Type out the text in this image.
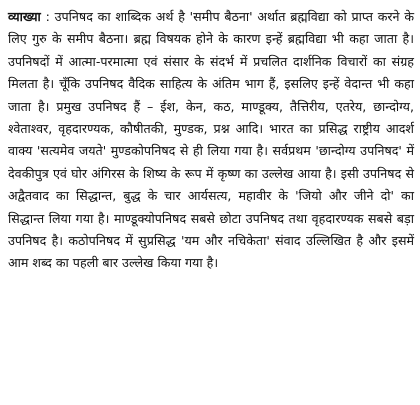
व्याख्या : उपनिषद का शाब्दिक अर्थ है 'समीप बैठना' अर्थात ब्रह्मविद्या को प्राप्त करने के लिए गुरु के समीप बैठना। ब्रह्म विषयक होने के कारण इन्हें ब्रह्मविद्या भी कहा जाता है। उपनिषदों में आत्मा-परमात्मा एवं संसार के संदर्भ में प्रचलित दार्शनिक विचारों का संग्रह मिलता है। चूँकि उपनिषद वैदिक साहित्य के अंतिम भाग हैं, इसलिए इन्हें वेदान्त भी कहा जाता है। प्रमुख उपनिषद हैं – ईश, केन, कठ, माण्डूक्य, तैत्तिरीय, एतरेय, छान्दोग्य, श्वेताश्वर, वृहदारण्यक, कौषीतकी, मुण्डक, प्रश्न आदि। भारत का प्रसिद्ध राष्ट्रीय आदर्श वाक्य 'सत्यमेव जयते' मुण्डकोपनिषद से ही लिया गया है। सर्वप्रथम 'छान्दोग्य उपनिषद' में देवकीपुत्र एवं घोर अंगिरस के शिष्य के रूप में कृष्ण का उल्लेख आया है। इसी उपनिषद से अद्वैतवाद का सिद्धान्त, बुद्ध के चार आर्यसत्य, महावीर के 'जियो और जीने दो' का सिद्धान्त लिया गया है। माण्डूक्योपनिषद सबसे छोटा उपनिषद तथा वृहदारण्यक सबसे बड़ा उपनिषद है। कठोपनिषद में सुप्रसिद्ध 'यम और नचिकेता' संवाद उल्लिखित है और इसमें आम शब्द का पहली बार उल्लेख किया गया है।
